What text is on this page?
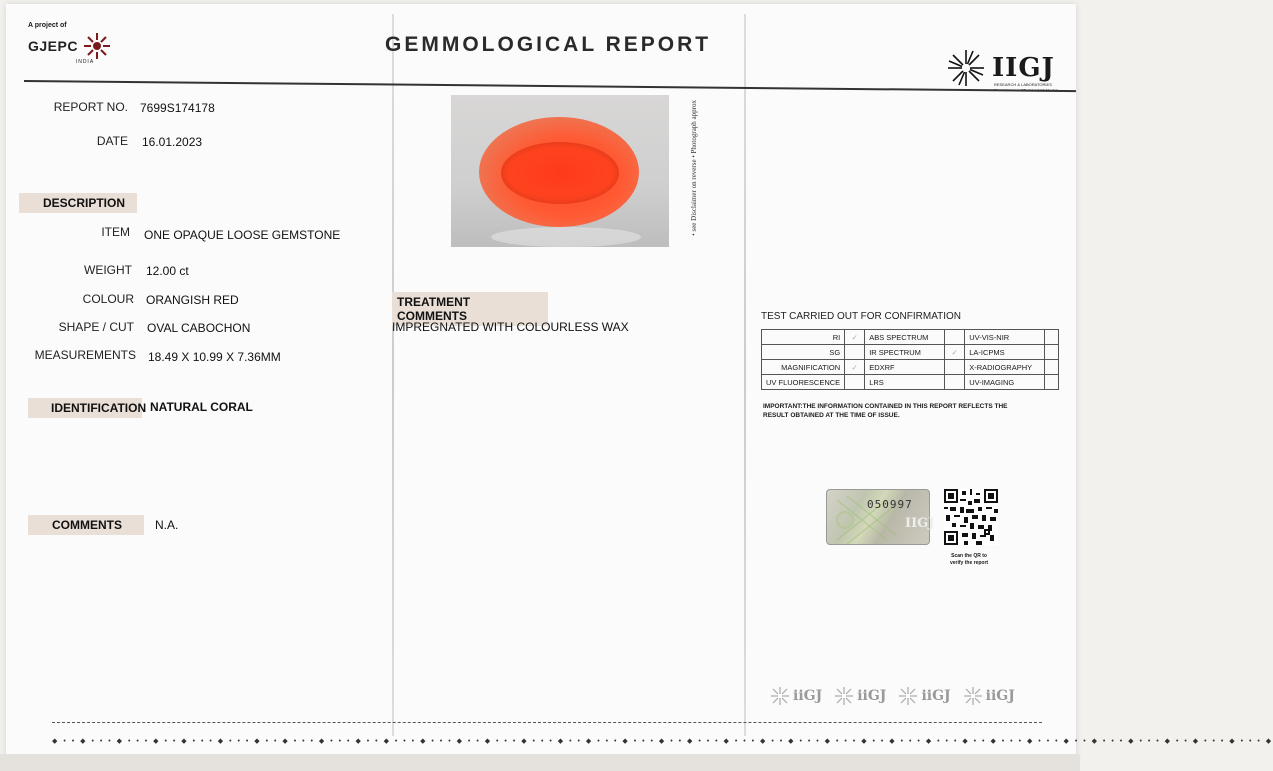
A project of
GJEPC
INDIA
GEMMOLOGICAL REPORT
IIGJ
RESEARCH & LABORATORIES
REPORT NO. 7699S174178
DATE 16.01.2023
DESCRIPTION
ITEM ONE OPAQUE LOOSE GEMSTONE
WEIGHT 12.00 ct
COLOUR ORANGISH RED
SHAPE / CUT OVAL CABOCHON
MEASUREMENTS 18.49 X 10.99 X 7.36MM
IDENTIFICATION NATURAL CORAL
COMMENTS	N.A.
• see Disclaimer on reverse • Photograph approx
TREATMENT COMMENTS
IMPREGNATED WITH COLOURLESS WAX
TEST CARRIED OUT FOR CONFIRMATION
RI	✓	ABS SPECTRUM		UV-VIS-NIR	
SG		IR SPECTRUM	✓	LA-ICPMS	
MAGNIFICATION	✓	EDXRF		X-RADIOGRAPHY	
UV FLUORESCENCE		LRS		UV-IMAGING	
IMPORTANT:THE INFORMATION CONTAINED IN THIS REPORT REFLECTS THE RESULT OBTAINED AT THE TIME OF ISSUE.
050997
IIGJ
Scan the QR to
verify the report
iiGJ	iiGJ	iiGJ	iiGJ
◆ • • ◆ • • • ◆ • • • ◆ • • ◆ • • • ◆ • • • ◆ • • ◆ • • • ◆ • • • ◆ • • ◆ • • • ◆ • • • ◆ • • ◆ • • • ◆ • • • ◆ • • ◆ • • • ◆ • • • ◆ • • ◆ • • • ◆ • • • ◆ • • ◆ • • • ◆ • • • ◆ • • ◆ • • • ◆ • • • ◆ • • ◆ • • • ◆ • • • ◆ • • ◆ • • • ◆ • • • ◆ • • ◆ • • • ◆ • • • ◆
